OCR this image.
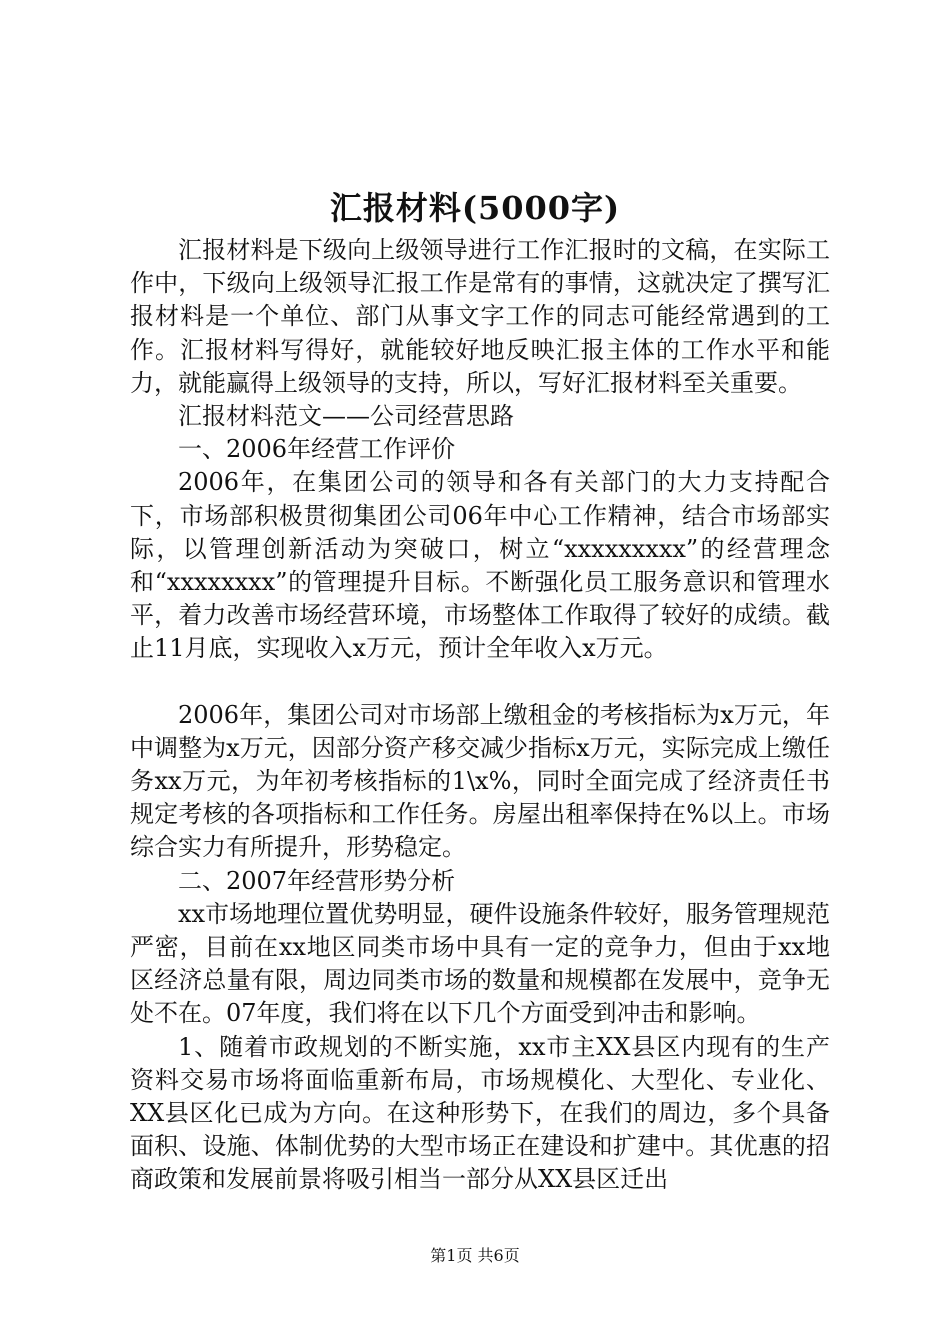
汇报材料(5000字)

汇报材料是下级向上级领导进行工作汇报时的文稿，在实际工作中，下级向上级领导汇报工作是常有的事情，这就决定了撰写汇报材料是一个单位、部门从事文字工作的同志可能经常遇到的工作。汇报材料写得好，就能较好地反映汇报主体的工作水平和能力，就能赢得上级领导的支持，所以，写好汇报材料至关重要。

汇报材料范文——公司经营思路

一、2006年经营工作评价

2006年，在集团公司的领导和各有关部门的大力支持配合下，市场部积极贯彻集团公司06年中心工作精神，结合市场部实际，以管理创新活动为突破口，树立“xxxxxxxxx”的经营理念和“xxxxxxxx”的管理提升目标。不断强化员工服务意识和管理水平，着力改善市场经营环境，市场整体工作取得了较好的成绩。截止11月底，实现收入x万元，预计全年收入x万元。

2006年，集团公司对市场部上缴租金的考核指标为x万元，年中调整为x万元，因部分资产移交减少指标x万元，实际完成上缴任务xx万元，为年初考核指标的1\x%，同时全面完成了经济责任书规定考核的各项指标和工作任务。房屋出租率保持在%以上。市场综合实力有所提升，形势稳定。

二、2007年经营形势分析

xx市场地理位置优势明显，硬件设施条件较好，服务管理规范严密，目前在xx地区同类市场中具有一定的竞争力，但由于xx地区经济总量有限，周边同类市场的数量和规模都在发展中，竞争无处不在。07年度，我们将在以下几个方面受到冲击和影响。

1、随着市政规划的不断实施，xx市主XX县区内现有的生产资料交易市场将面临重新布局，市场规模化、大型化、专业化、XX县区化已成为方向。在这种形势下，在我们的周边，多个具备面积、设施、体制优势的大型市场正在建设和扩建中。其优惠的招商政策和发展前景将吸引相当一部分从XX县区迁出

第1页 共6页
